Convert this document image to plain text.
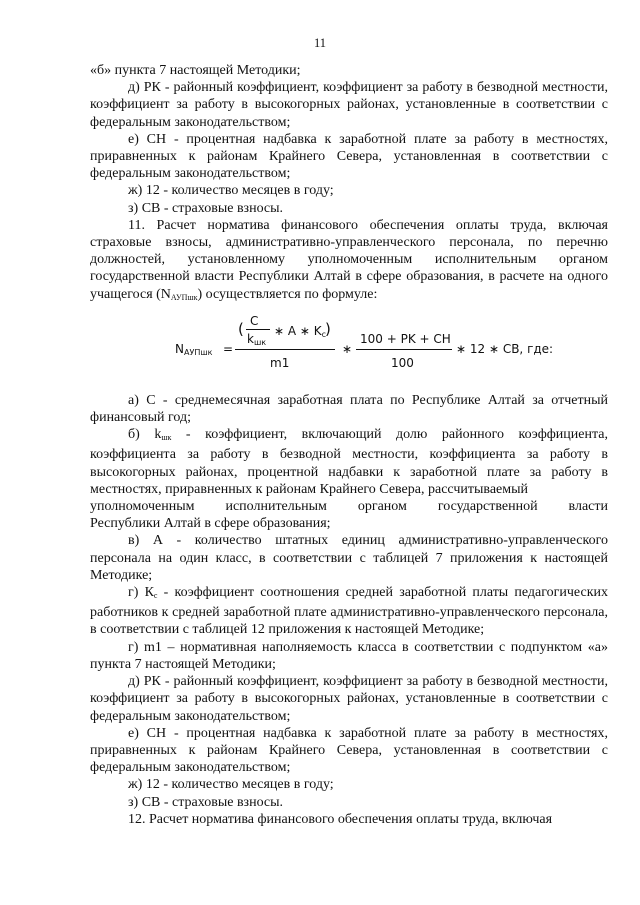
11

«б» пункта 7 настоящей Методики;

д) РК - районный коэффициент, коэффициент за работу в безводной местности, коэффициент за работу в высокогорных районах, установленные в соответствии с федеральным законодательством;

е) СН - процентная надбавка к заработной плате за работу в местностях, приравненных к районам Крайнего Севера, установленная в соответствии с федеральным законодательством;

ж) 12 - количество месяцев в году;

з) СВ - страховые взносы.

11. Расчет норматива финансового обеспечения оплаты труда, включая страховые взносы, административно-управленческого персонала, по перечню должностей, установленному уполномоченным исполнительным органом государственной власти Республики Алтай в сфере образования, в расчете на одного учащегося $(N_{АУПшк})$ осуществляется по формуле:

$N_{АУПшк}$ =
( C
$k_{шк}$
∗ A ∗ $K_c$
)
m1
∗
100 + PK + CH
100
∗ 12 ∗ CB, где:

а) С - среднемесячная заработная плата по Республике Алтай за отчетный финансовый год;

б) $k_{шк}$ - коэффициент, включающий долю районного коэффициента, коэффициента за работу в безводной местности, коэффициента за работу в высокогорных районах, процентной надбавки к заработной плате за работу в местностях, приравненных к районам Крайнего Севера, рассчитываемый

уполномоченным исполнительным органом государственной власти

Республики Алтай в сфере образования;

в) А - количество штатных единиц административно-управленческого персонала на один класс, в соответствии с таблицей 7 приложения к настоящей Методике;

г) $К_с$ - коэффициент соотношения средней заработной платы педагогических работников к средней заработной плате административно-управленческого персонала, в соответствии с таблицей 12 приложения к настоящей Методике;

г) m1 – нормативная наполняемость класса в соответствии с подпунктом «а» пункта 7 настоящей Методики;

д) РК - районный коэффициент, коэффициент за работу в безводной местности, коэффициент за работу в высокогорных районах, установленные в соответствии с федеральным законодательством;

е) СН - процентная надбавка к заработной плате за работу в местностях, приравненных к районам Крайнего Севера, установленная в соответствии с федеральным законодательством;

ж) 12 - количество месяцев в году;

з) СВ - страховые взносы.

12. Расчет норматива финансового обеспечения оплаты труда, включая
